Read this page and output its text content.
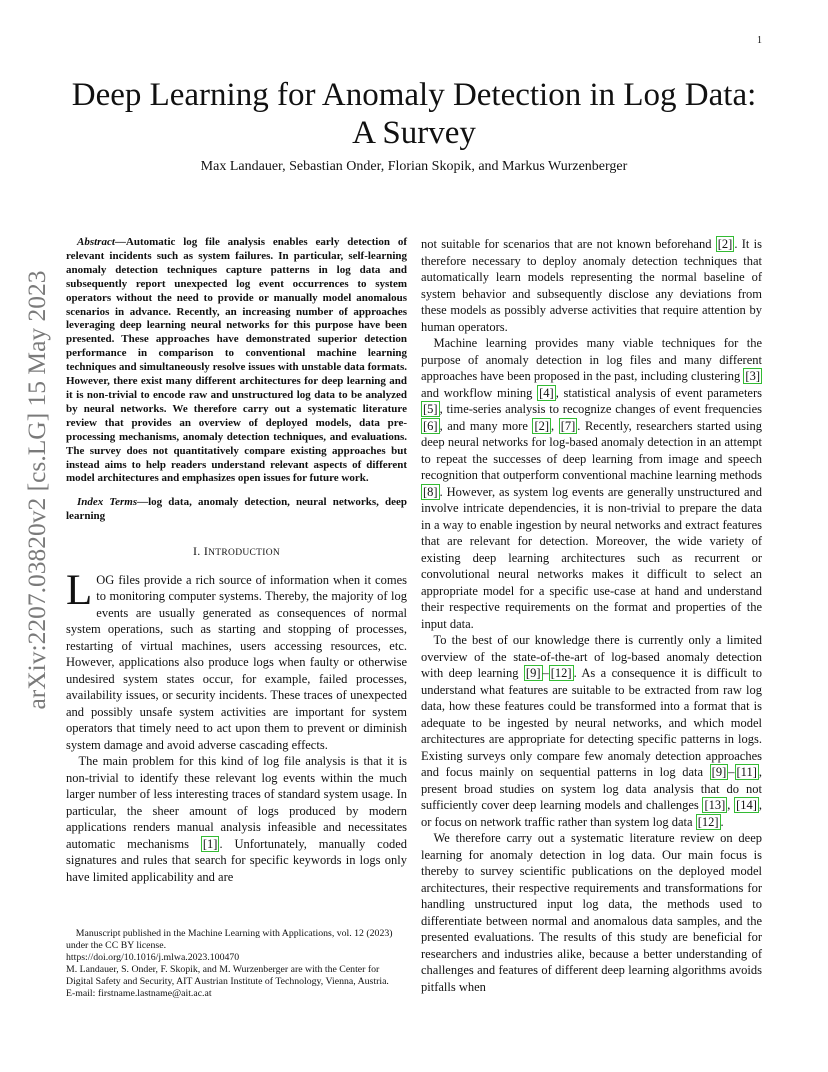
1
arXiv:2207.03820v2 [cs.LG] 15 May 2023
Deep Learning for Anomaly Detection in Log Data: A Survey
Max Landauer, Sebastian Onder, Florian Skopik, and Markus Wurzenberger

Abstract—Automatic log file analysis enables early detection of relevant incidents such as system failures. In particular, self-learning anomaly detection techniques capture patterns in log data and subsequently report unexpected log event occurrences to system operators without the need to provide or manually model anomalous scenarios in advance. Recently, an increasing number of approaches leveraging deep learning neural networks for this purpose have been presented. These approaches have demonstrated superior detection performance in comparison to conventional machine learning techniques and simultaneously resolve issues with unstable data formats. However, there exist many different architectures for deep learning and it is non-trivial to encode raw and unstructured log data to be analyzed by neural networks. We therefore carry out a systematic literature review that provides an overview of deployed models, data pre-processing mechanisms, anomaly detection techniques, and evaluations. The survey does not quantitatively compare existing approaches but instead aims to help readers understand relevant aspects of different model architectures and emphasizes open issues for future work.

Index Terms—log data, anomaly detection, neural networks, deep learning

I. INTRODUCTION

LOG files provide a rich source of information when it comes to monitoring computer systems. Thereby, the majority of log events are usually generated as consequences of normal system operations, such as starting and stopping of processes, restarting of virtual machines, users accessing resources, etc. However, applications also produce logs when faulty or otherwise undesired system states occur, for example, failed processes, availability issues, or security incidents. These traces of unexpected and possibly unsafe system activities are important for system operators that timely need to act upon them to prevent or diminish system damage and avoid adverse cascading effects.

The main problem for this kind of log file analysis is that it is non-trivial to identify these relevant log events within the much larger number of less interesting traces of standard system usage. In particular, the sheer amount of logs produced by modern applications renders manual analysis infeasible and necessitates automatic mechanisms [1] . Unfortunately, manually coded signatures and rules that search for specific keywords in logs only have limited applicability and are

not suitable for scenarios that are not known beforehand [2] . It is therefore necessary to deploy anomaly detection techniques that automatically learn models representing the normal baseline of system behavior and subsequently disclose any deviations from these models as possibly adverse activities that require attention by human operators.

Machine learning provides many viable techniques for the purpose of anomaly detection in log files and many different approaches have been proposed in the past, including clustering [3] and workflow mining [4] , statistical analysis of event parameters [5] , time-series analysis to recognize changes of event frequencies [6] , and many more [2] , [7] . Recently, researchers started using deep neural networks for log-based anomaly detection in an attempt to repeat the successes of deep learning from image and speech recognition that outperform conventional machine learning methods [8] . However, as system log events are generally unstructured and involve intricate dependencies, it is non-trivial to prepare the data in a way to enable ingestion by neural networks and extract features that are relevant for detection. Moreover, the wide variety of existing deep learning architectures such as recurrent or convolutional neural networks makes it difficult to select an appropriate model for a specific use-case at hand and understand their respective requirements on the format and properties of the input data.

To the best of our knowledge there is currently only a limited overview of the state-of-the-art of log-based anomaly detection with deep learning [9] – [12] . As a consequence it is difficult to understand what features are suitable to be extracted from raw log data, how these features could be transformed into a format that is adequate to be ingested by neural networks, and which model architectures are appropriate for detecting specific patterns in logs. Existing surveys only compare few anomaly detection approaches and focus mainly on sequential patterns in log data [9] – [11] , present broad studies on system log data analysis that do not sufficiently cover deep learning models and challenges [13] , [14] , or focus on network traffic rather than system log data [12] .

We therefore carry out a systematic literature review on deep learning for anomaly detection in log data. Our main focus is thereby to survey scientific publications on the deployed model architectures, their respective requirements and transformations for handling unstructured input log data, the methods used to differentiate between normal and anomalous data samples, and the presented evaluations. The results of this study are beneficial for researchers and industries alike, because a better understanding of challenges and features of different deep learning algorithms avoids pitfalls when

Manuscript published in the Machine Learning with Applications, vol. 12 (2023) under the CC BY license.

https://doi.org/10.1016/j.mlwa.2023.100470

M. Landauer, S. Onder, F. Skopik, and M. Wurzenberger are with the Center for Digital Safety and Security, AIT Austrian Institute of Technology, Vienna, Austria.

E-mail: firstname.lastname@ait.ac.at
